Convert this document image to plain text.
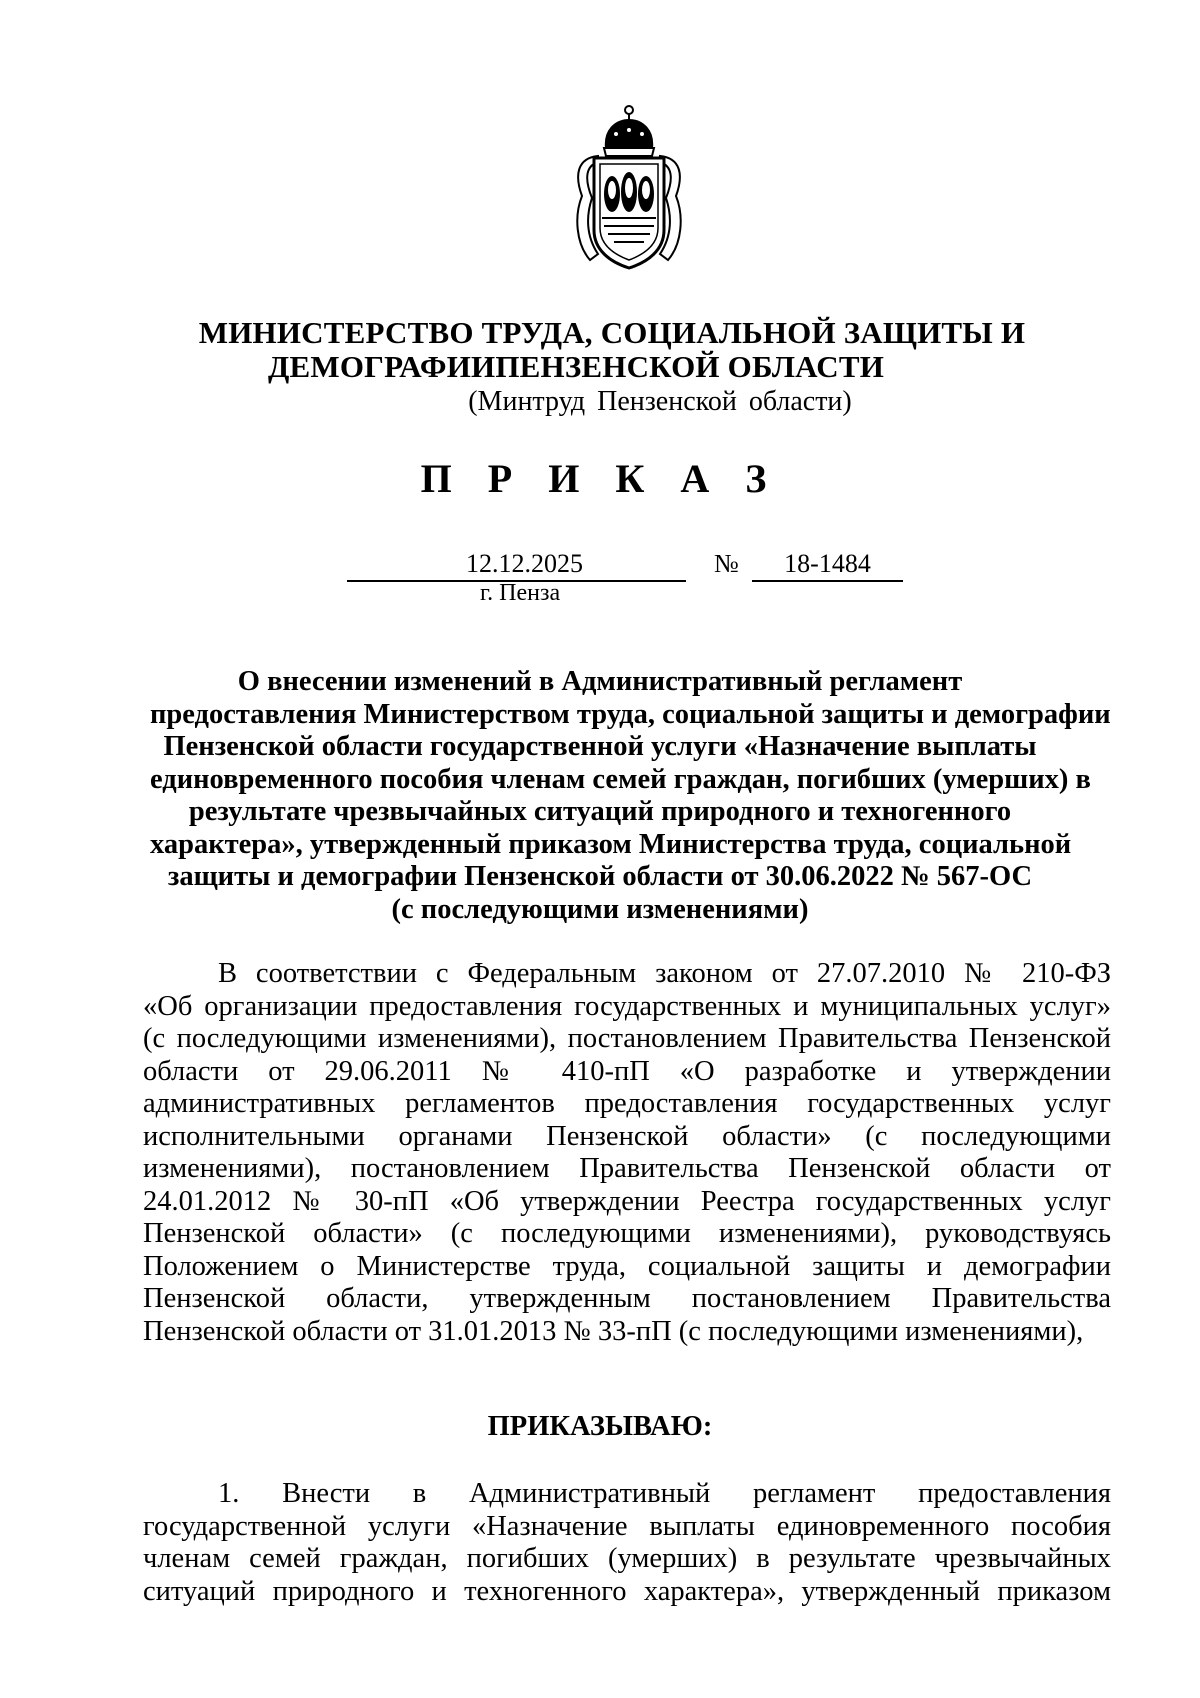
МИНИСТЕРСТВО ТРУДА, СОЦИАЛЬНОЙ ЗАЩИТЫ И
ДЕМОГРАФИИПЕНЗЕНСКОЙ ОБЛАСТИ
(Минтруд Пензенской области)
П Р И К А З
12.12.2025	№	18-1484
г. Пенза
О внесении изменений в Административный регламент
предоставления Министерством труда, социальной защиты и демографии
Пензенской области государственной услуги «Назначение выплаты
единовременного пособия членам семей граждан, погибших (умерших) в
результате чрезвычайных ситуаций природного и техногенного
характера», утвержденный приказом Министерства труда, социальной
защиты и демографии Пензенской области от 30.06.2022 № 567-ОС
(с последующими изменениями)
В соответствии с Федеральным законом от 27.07.2010 № 210-ФЗ
«Об организации предоставления государственных и муниципальных услуг»
(с последующими изменениями), постановлением Правительства Пензенской
области от 29.06.2011 № 410-пП «О разработке и утверждении
административных регламентов предоставления государственных услуг
исполнительными органами Пензенской области» (с последующими
изменениями), постановлением Правительства Пензенской области от
24.01.2012 № 30-пП «Об утверждении Реестра государственных услуг
Пензенской области» (с последующими изменениями), руководствуясь
Положением о Министерстве труда, социальной защиты и демографии
Пензенской области, утвержденным постановлением Правительства
Пензенской области от 31.01.2013 № 33-пП (с последующими изменениями),
ПРИКАЗЫВАЮ:
1. Внести в Административный регламент предоставления
государственной услуги «Назначение выплаты единовременного пособия
членам семей граждан, погибших (умерших) в результате чрезвычайных
ситуаций природного и техногенного характера», утвержденный приказом
